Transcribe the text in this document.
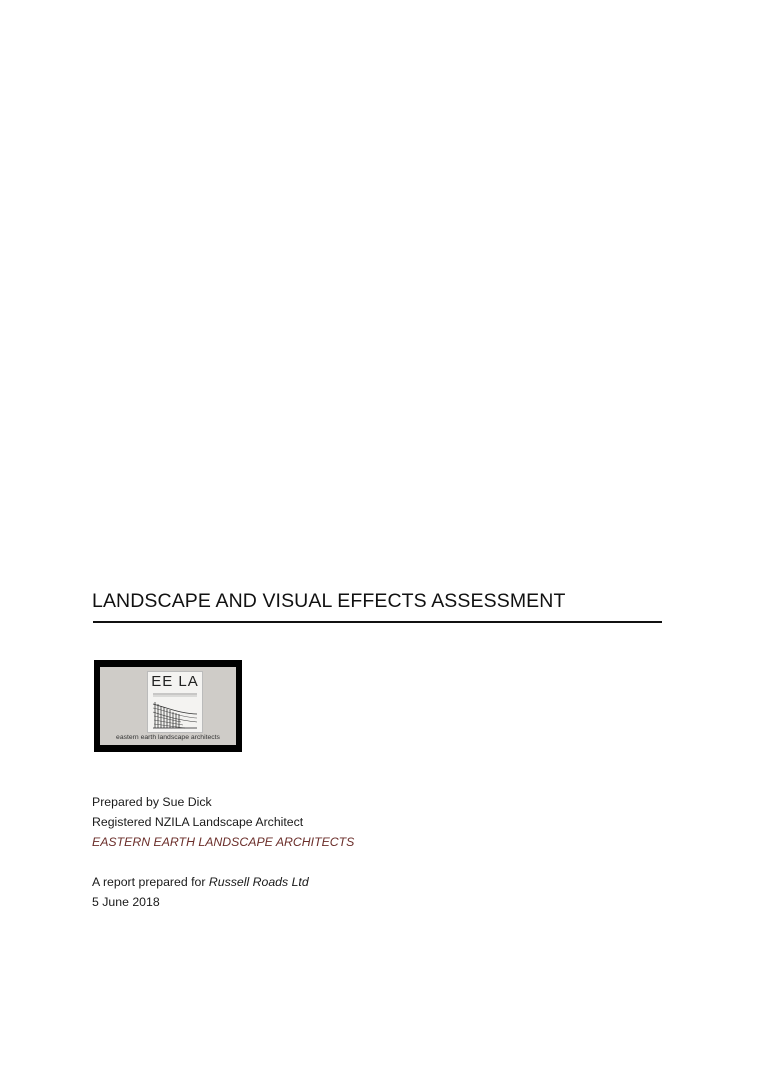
LANDSCAPE AND VISUAL EFFECTS ASSESSMENT
EE LA
eastern earth landscape architects
Prepared by Sue Dick
Registered NZILA Landscape Architect
EASTERN EARTH LANDSCAPE ARCHITECTS
A report prepared for Russell Roads Ltd
5 June 2018
